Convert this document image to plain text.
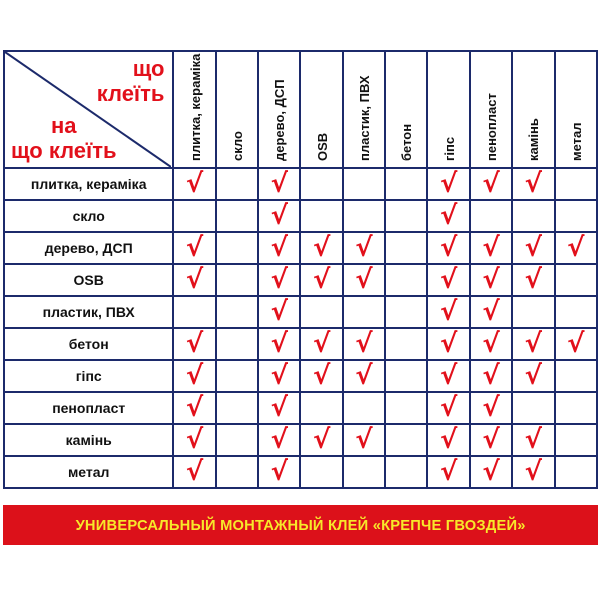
що
клеїть
на
що клеїть	плитка, кераміка	скло	дерево, ДСП	OSB	пластик, ПВХ	бетон	гіпс	пенопласт	камінь	метал

плитка, кераміка	√		√				√	√	√	
скло			√				√			
дерево, ДСП	√		√	√	√		√	√	√	√
OSB	√		√	√	√		√	√	√	
пластик, ПВХ			√				√	√		
бетон	√		√	√	√		√	√	√	√
гіпс	√		√	√	√		√	√	√	
пенопласт	√		√				√	√		
камінь	√		√	√	√		√	√	√	
метал	√		√				√	√	√	
УНИВЕРСАЛЬНЫЙ МОНТАЖНЫЙ КЛЕЙ «КРЕПЧЕ ГВОЗДЕЙ»
